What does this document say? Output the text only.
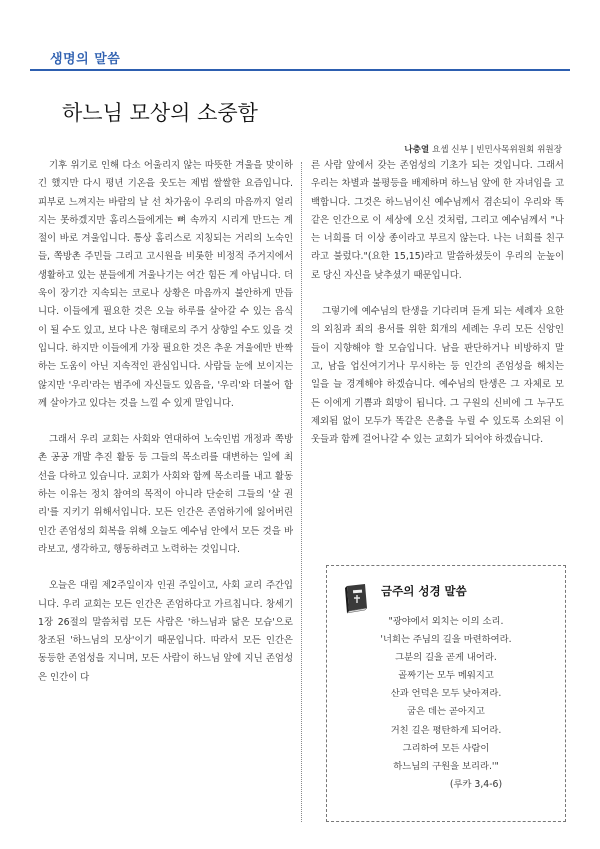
생명의 말씀
하느님 모상의 소중함
나충열 요셉 신부 | 빈민사목위원회 위원장

기후 위기로 인해 다소 어울리지 않는 따뜻한 겨울을 맞이하긴 했지만 다시 평년 기온을 웃도는 제법 쌀쌀한 요즘입니다. 피부로 느껴지는 바람의 날 선 차가움이 우리의 마음까지 얼리지는 못하겠지만 홈리스들에게는 뼈 속까지 시리게 만드는 계절이 바로 겨울입니다. 통상 홈리스로 지칭되는 거리의 노숙인들, 쪽방촌 주민들 그리고 고시원을 비롯한 비정적 주거지에서 생활하고 있는 분들에게 겨울나기는 여간 힘든 게 아닙니다. 더욱이 장기간 지속되는 코로나 상황은 마음까지 불안하게 만듭니다. 이들에게 필요한 것은 오늘 하루를 살아갈 수 있는 음식이 될 수도 있고, 보다 나은 형태로의 주거 상향일 수도 있을 것입니다. 하지만 이들에게 가장 필요한 것은 추운 겨울에만 반짝하는 도움이 아닌 지속적인 관심입니다. 사람들 눈에 보이지는 않지만 '우리'라는 범주에 자신들도 있음을, '우리'와 더불어 함께 살아가고 있다는 것을 느낄 수 있게 말입니다.

그래서 우리 교회는 사회와 연대하여 노숙인법 개정과 쪽방촌 공공 개발 추진 활동 등 그들의 목소리를 대변하는 일에 최선을 다하고 있습니다. 교회가 사회와 함께 목소리를 내고 활동하는 이유는 정치 참여의 목적이 아니라 단순히 그들의 '살 권리'를 지키기 위해서입니다. 모든 인간은 존엄하기에 잃어버린 인간 존엄성의 회복을 위해 오늘도 예수님 안에서 모든 것을 바라보고, 생각하고, 행동하려고 노력하는 것입니다.

오늘은 대림 제2주일이자 인권 주일이고, 사회 교리 주간입니다. 우리 교회는 모든 인간은 존엄하다고 가르칩니다. 창세기 1장 26절의 말씀처럼 모든 사람은 '하느님과 닮은 모습'으로 창조된 '하느님의 모상'이기 때문입니다. 따라서 모든 인간은 동등한 존엄성을 지니며, 모든 사람이 하느님 앞에 지닌 존엄성은 인간이 다

른 사람 앞에서 갖는 존엄성의 기초가 되는 것입니다. 그래서 우리는 차별과 불평등을 배제하며 하느님 앞에 한 자녀임을 고백합니다. 그것은 하느님이신 예수님께서 겸손되이 우리와 똑같은 인간으로 이 세상에 오신 것처럼, 그리고 예수님께서 "나는 너희를 더 이상 종이라고 부르지 않는다. 나는 너희를 친구라고 불렀다."(요한 15,15)라고 말씀하셨듯이 우리의 눈높이로 당신 자신을 낮추셨기 때문입니다.

그렇기에 예수님의 탄생을 기다리며 듣게 되는 세례자 요한의 외침과 죄의 용서를 위한 회개의 세례는 우리 모든 신앙인들이 지향해야 할 모습입니다. 남을 판단하거나 비방하지 말고, 남을 업신여기거나 무시하는 등 인간의 존엄성을 해치는 일을 늘 경계해야 하겠습니다. 예수님의 탄생은 그 자체로 모든 이에게 기쁨과 희망이 됩니다. 그 구원의 신비에 그 누구도 제외됨 없이 모두가 똑같은 은총을 누릴 수 있도록 소외된 이웃들과 함께 걸어나갈 수 있는 교회가 되어야 하겠습니다.

금주의 성경 말씀
"광야에서 외치는 이의 소리.
'너희는 주님의 길을 마련하여라.
그분의 길을 곧게 내어라.
골짜기는 모두 메워지고
산과 언덕은 모두 낮아져라.
굽은 데는 곧아지고
거친 길은 평탄하게 되어라.
그리하여 모든 사람이
하느님의 구원을 보리라.'"
(루카 3,4-6)
